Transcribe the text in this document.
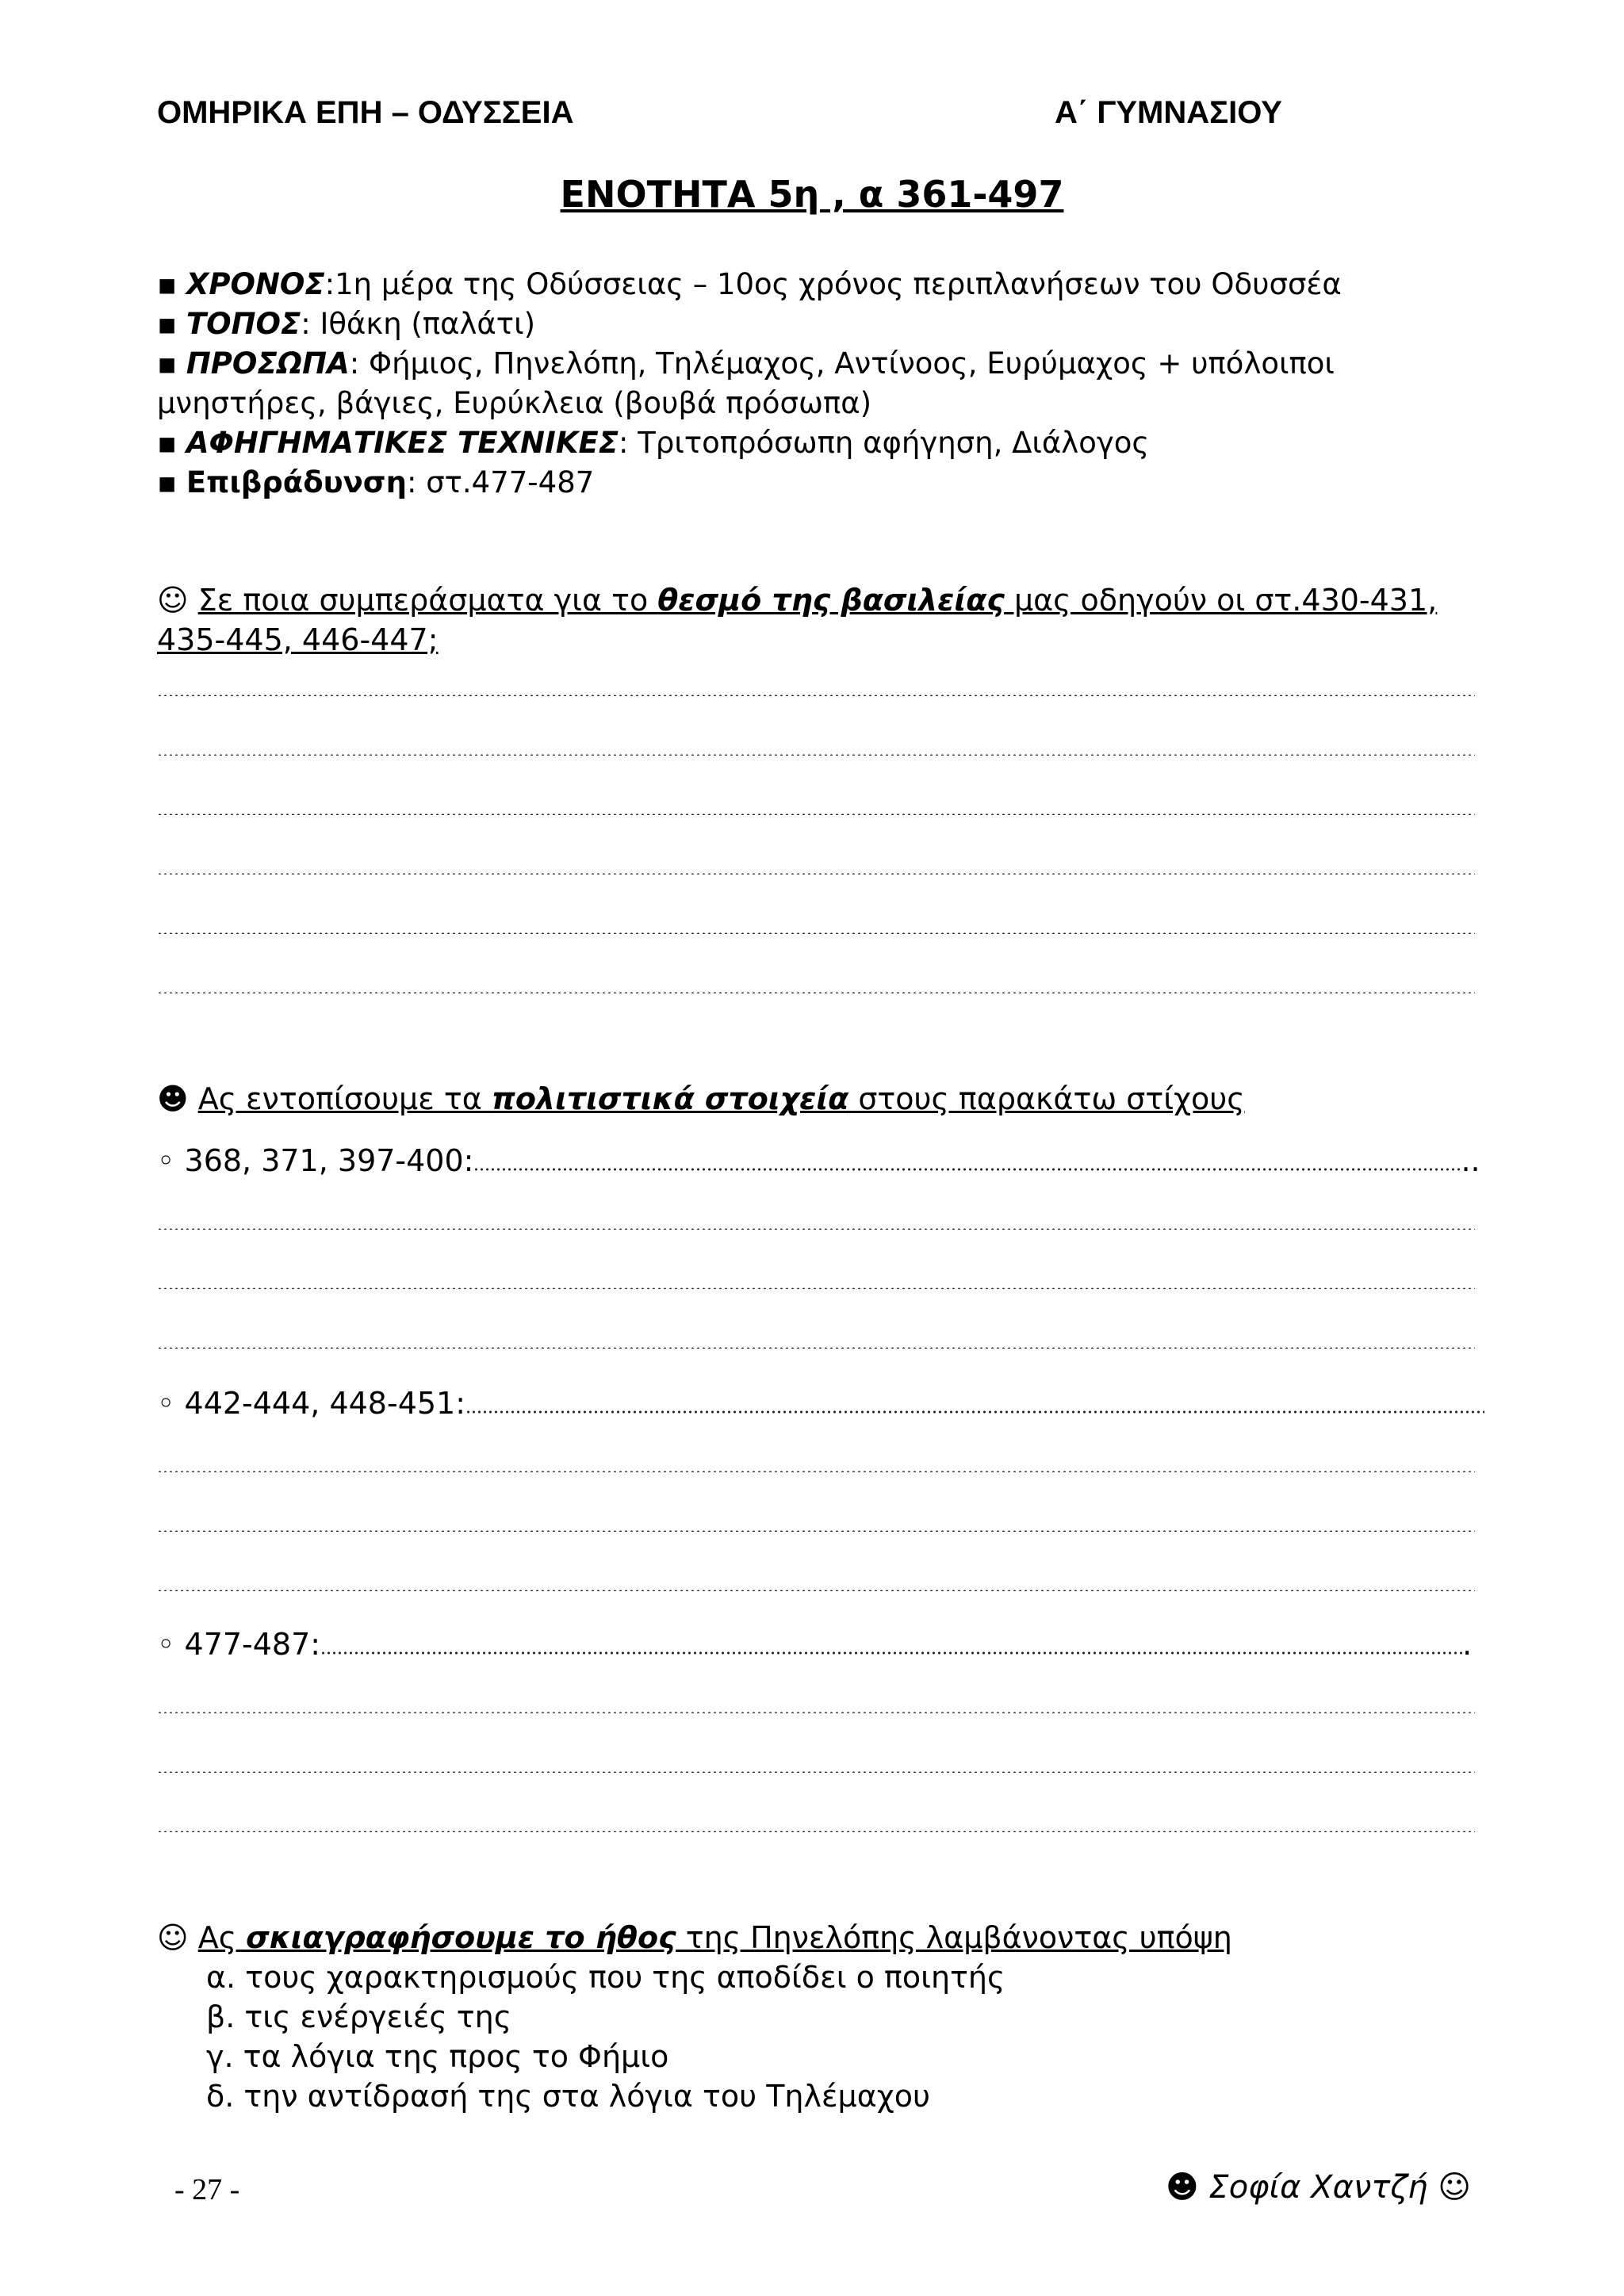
ΟΜΗΡΙΚΑ ΕΠΗ – ΟΔΥΣΣΕΙΑ	Α΄ ΓΥΜΝΑΣΙΟΥ
ΕΝΟΤΗΤΑ 5η , α 361-497
▪ ΧΡΟΝΟΣ:1η μέρα της Οδύσσειας – 10ος χρόνος περιπλανήσεων του Οδυσσέα
▪ ΤΟΠΟΣ: Ιθάκη (παλάτι)
▪ ΠΡΟΣΩΠΑ: Φήμιος, Πηνελόπη, Τηλέμαχος, Αντίνοος, Ευρύμαχος + υπόλοιποι
μνηστήρες, βάγιες, Ευρύκλεια (βουβά πρόσωπα)
▪ ΑΦΗΓΗΜΑΤΙΚΕΣ ΤΕΧΝΙΚΕΣ: Τριτοπρόσωπη αφήγηση, Διάλογος
▪ Επιβράδυνση: στ.477-487
☺ Σε ποια συμπεράσματα για το θεσμό της βασιλείας μας οδηγούν οι στ.430-431,
435-445, 446-447;
☻ Ας εντοπίσουμε τα πολιτιστικά στοιχεία στους παρακάτω στίχους
◦ 368, 371, 397-400:	..
◦ 442-444, 448-451:
◦ 477-487:	.
☺ Ας σκιαγραφήσουμε το ήθος της Πηνελόπης λαμβάνοντας υπόψη
α. τους χαρακτηρισμούς που της αποδίδει ο ποιητής
β. τις ενέργειές της
γ. τα λόγια της προς το Φήμιο
δ. την αντίδρασή της στα λόγια του Τηλέμαχου
- 27 -	☻ Σοφία Χαντζή ☺
